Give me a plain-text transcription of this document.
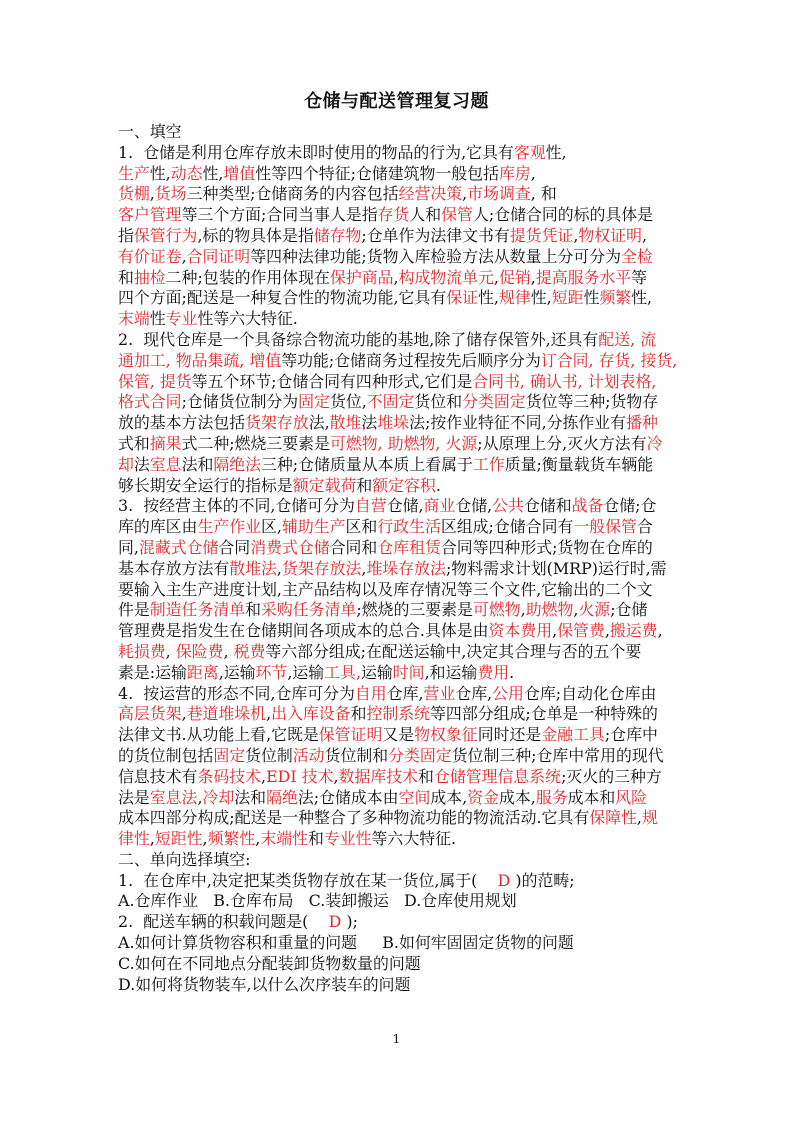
仓储与配送管理复习题
一、填空
1.  仓储是利用仓库存放未即时使用的物品的行为,它具有客观性,
生产性,动态性,增值性等四个特征;仓储建筑物一般包括库房,
货棚,货场三种类型;仓储商务的内容包括经营决策,市场调查, 和
客户管理等三个方面;合同当事人是指存货人和保管人;仓储合同的标的具体是
指保管行为,标的物具体是指储存物;仓单作为法律文书有提货凭证,物权证明,
有价证卷,合同证明等四种法律功能;货物入库检验方法从数量上分可分为全检
和抽检二种;包装的作用体现在保护商品,构成物流单元,促销,提高服务水平等
四个方面;配送是一种复合性的物流功能,它具有保证性,规律性,短距性频繁性,
末端性专业性等六大特征.
2.  现代仓库是一个具备综合物流功能的基地,除了储存保管外,还具有配送, 流
通加工, 物品集疏, 增值等功能;仓储商务过程按先后顺序分为订合同, 存货, 接货,
保管, 提货等五个环节;仓储合同有四种形式,它们是合同书, 确认书, 计划表格,
格式合同;仓储货位制分为固定货位,不固定货位和分类固定货位等三种;货物存
放的基本方法包括货架存放法,散堆法堆垛法;按作业特征不同,分拣作业有播种
式和摘果式二种;燃烧三要素是可燃物, 助燃物, 火源;从原理上分,灭火方法有冷
却法室息法和隔绝法三种;仓储质量从本质上看属于工作质量;衡量载货车辆能
够长期安全运行的指标是额定载荷和额定容积.
3.  按经营主体的不同,仓储可分为自营仓储,商业仓储,公共仓储和战备仓储;仓
库的库区由生产作业区,辅助生产区和行政生活区组成;仓储合同有一般保管合
同,混藏式仓储合同消费式仓储合同和仓库租赁合同等四种形式;货物在仓库的
基本存放方法有散堆法,货架存放法,堆垛存放法;物料需求计划(MRP)运行时,需
要输入主生产进度计划,主产品结构以及库存情况等三个文件,它输出的二个文
件是制造任务清单和采购任务清单;燃烧的三要素是可燃物,助燃物,火源;仓储
管理费是指发生在仓储期间各项成本的总合.具体是由资本费用,保管费,搬运费,
耗损费, 保险费, 税费等六部分组成;在配送运输中,决定其合理与否的五个要
素是:运输距离,运输环节,运输工具,运输时间,和运输费用.
4.  按运营的形态不同,仓库可分为自用仓库,营业仓库,公用仓库;自动化仓库由
高层货架,巷道堆垛机,出入库设备和控制系统等四部分组成;仓单是一种特殊的
法律文书.从功能上看,它既是保管证明又是物权象征同时还是金融工具;仓库中
的货位制包括固定货位制活动货位制和分类固定货位制三种;仓库中常用的现代
信息技术有条码技术,EDI 技术,数据库技术和仓储管理信息系统;灭火的三种方
法是室息法,冷却法和隔绝法;仓储成本由空间成本,资金成本,服务成本和风险
成本四部分构成;配送是一种整合了多种物流功能的物流活动.它具有保障性,规
律性,短距性,频繁性,末端性和专业性等六大特征.
二、单向选择填空:
1.  在仓库中,决定把某类货物存放在某一货位,属于(    D )的范畴;
A.仓库作业   B.仓库布局   C.装卸搬运   D.仓库使用规划
2.  配送车辆的积载问题是(    D );
A.如何计算货物容积和重量的问题     B.如何牢固固定货物的问题
C.如何在不同地点分配装卸货物数量的问题
D.如何将货物装车,以什么次序装车的问题
1
